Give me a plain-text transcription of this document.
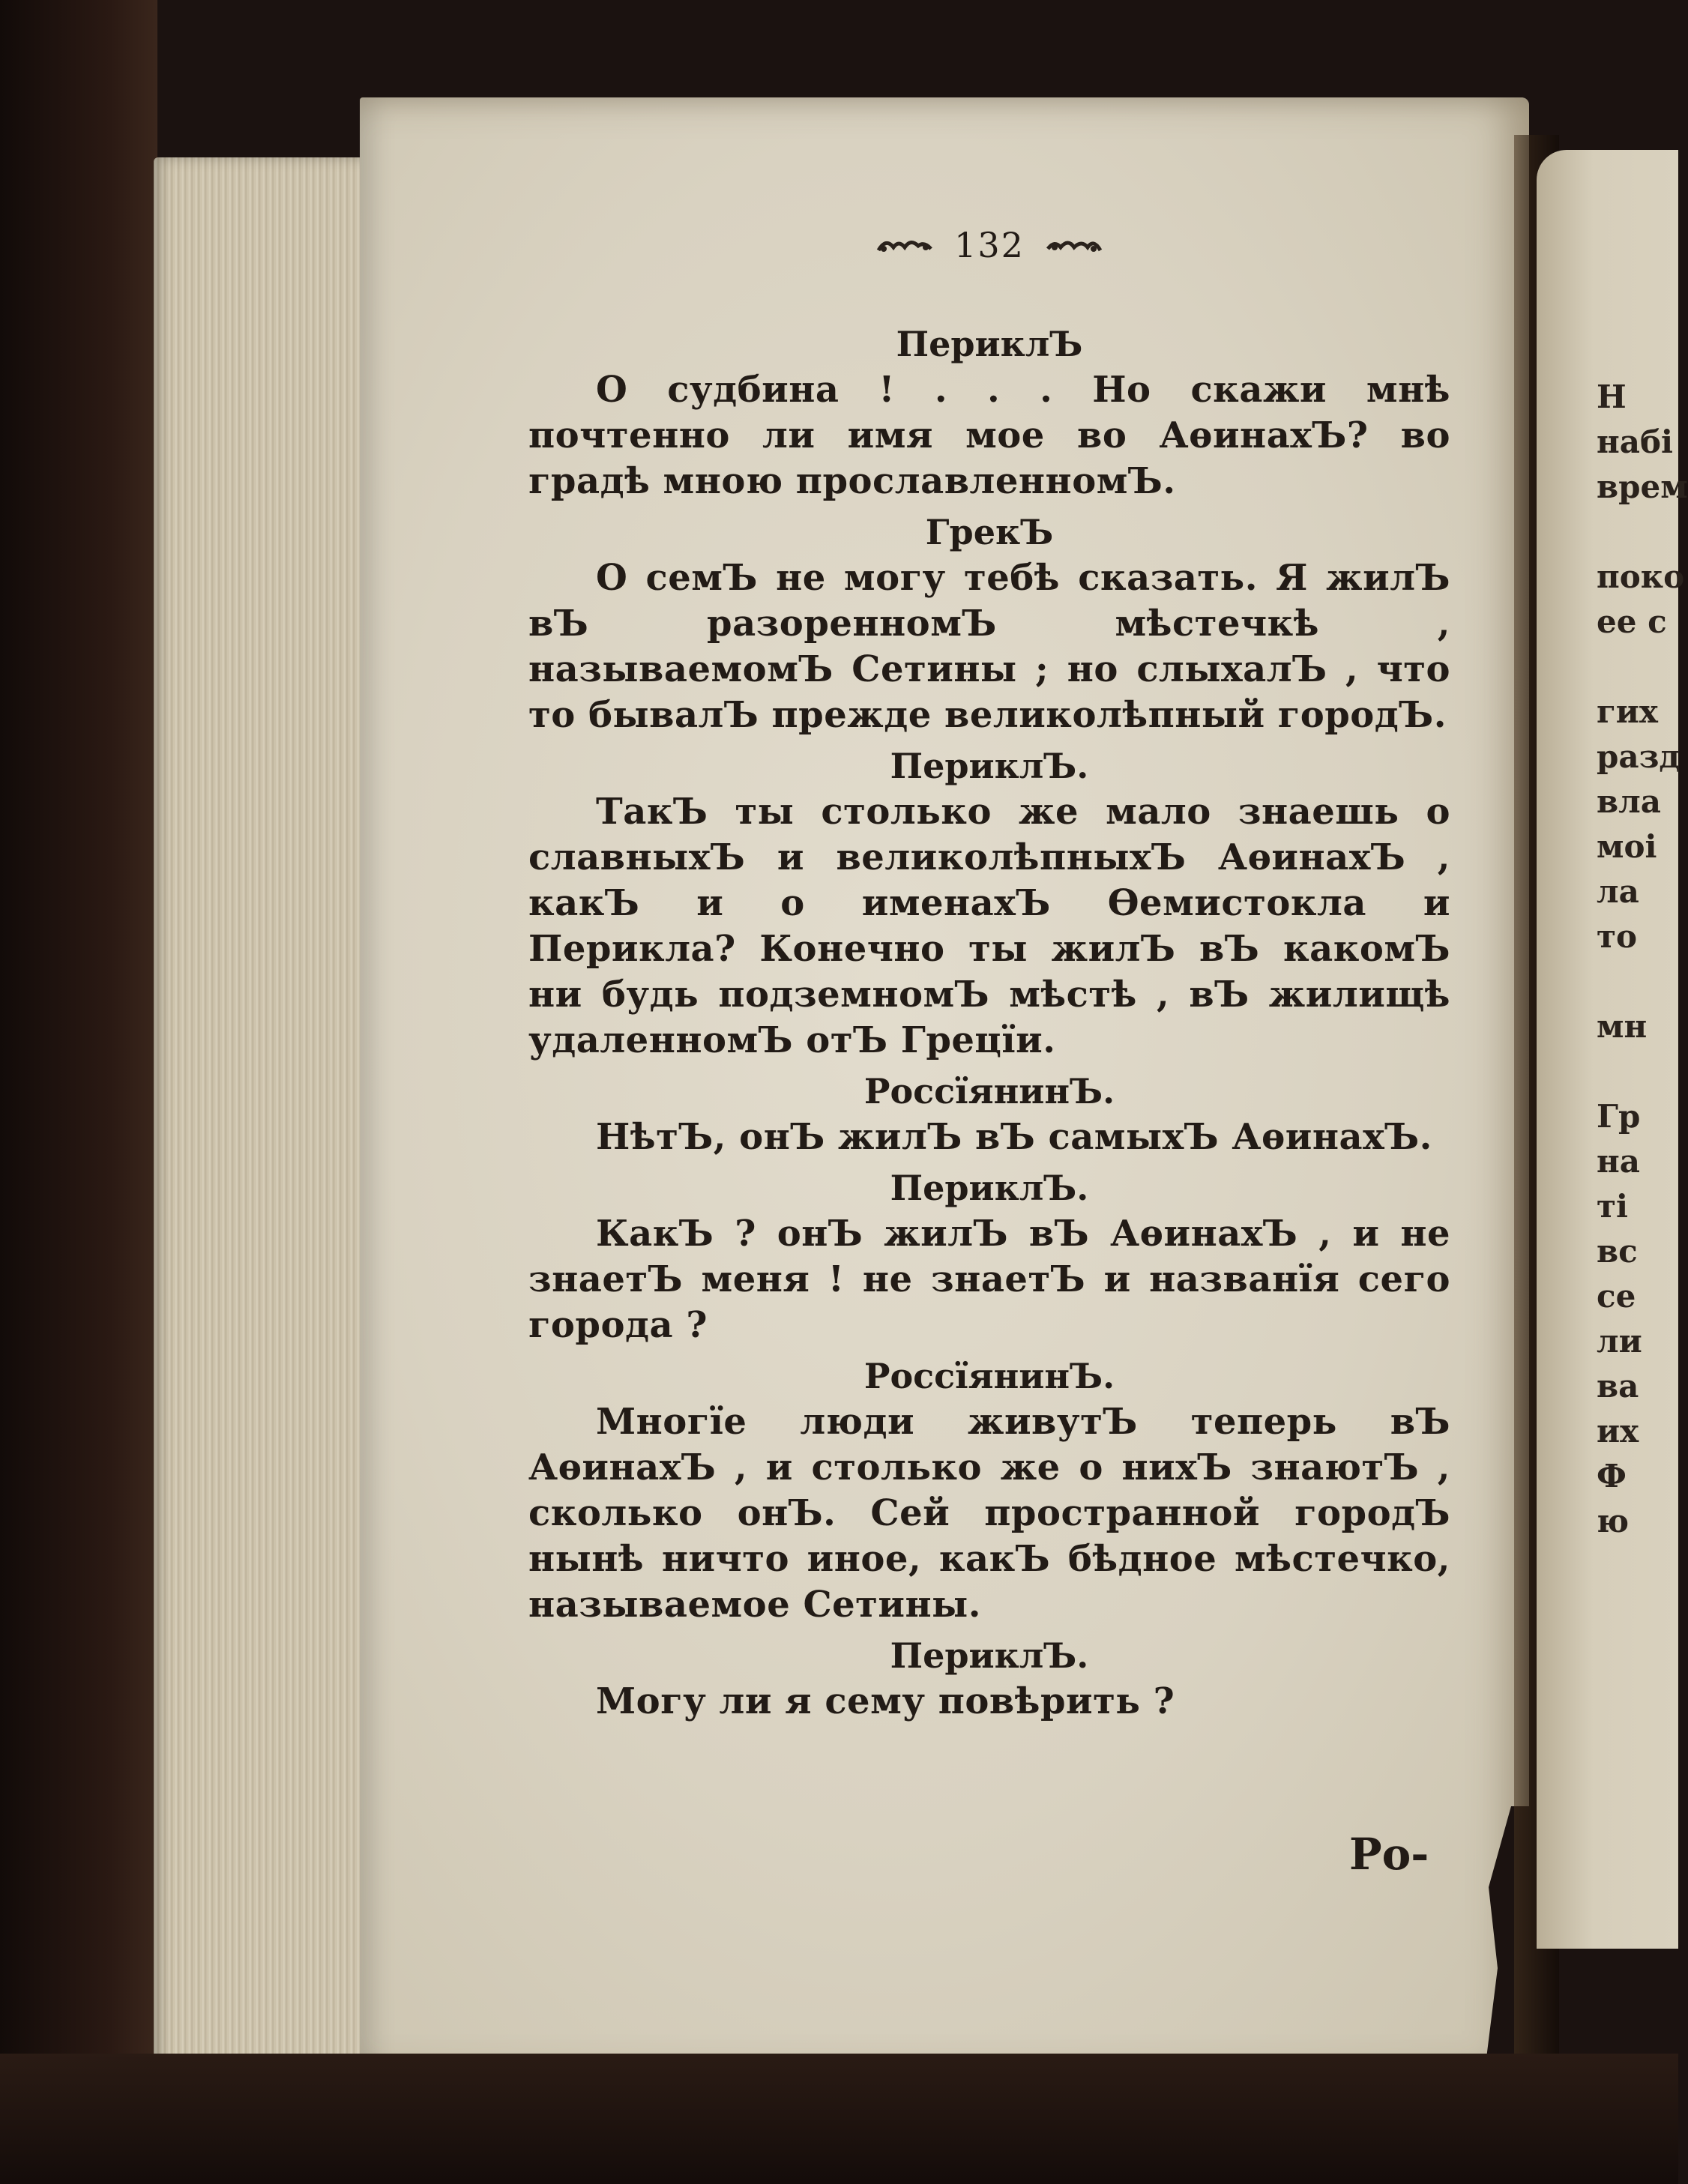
Н
набі
врем

поко
ее с

гих
разд
вла
моі
ла
то

мн

Гр
на
ті
вс
се
ли
ва
их
Ф
ю
132

ПериклЪ

О судбина ! . . . Но скажи мнѣ почтенно ли имя мое во АѳинахЪ? во градѣ мною прославленномЪ.

ГрекЪ

О семЪ не могу тебѣ сказать. Я жилЪ вЪ разоренномЪ мѣстечкѣ , называемомЪ Сетины ; но слыхалЪ , что то бывалЪ прежде великолѣпный городЪ.

ПериклЪ.

ТакЪ ты столько же мало знаешь о славныхЪ и великолѣпныхЪ АѳинахЪ , какЪ и о именахЪ Ѳемистокла и Перикла? Конечно ты жилЪ вЪ какомЪ ни будь подземномЪ мѣстѣ , вЪ жилищѣ удаленномЪ отЪ Грецїи.

РоссїянинЪ.

НѣтЪ, онЪ жилЪ вЪ самыхЪ АѳинахЪ.

ПериклЪ.

КакЪ ? онЪ жилЪ вЪ АѳинахЪ , и не знаетЪ меня ! не знаетЪ и названїя сего города ?

РоссїянинЪ.

Многїе люди живутЪ теперь вЪ АѳинахЪ , и столько же о нихЪ знаютЪ , сколько онЪ. Сей пространной городЪ нынѣ ничто иное, какЪ бѣдное мѣстечко, называемое Сетины.

ПериклЪ.

Могу ли я сему повѣрить ?

Ро-
